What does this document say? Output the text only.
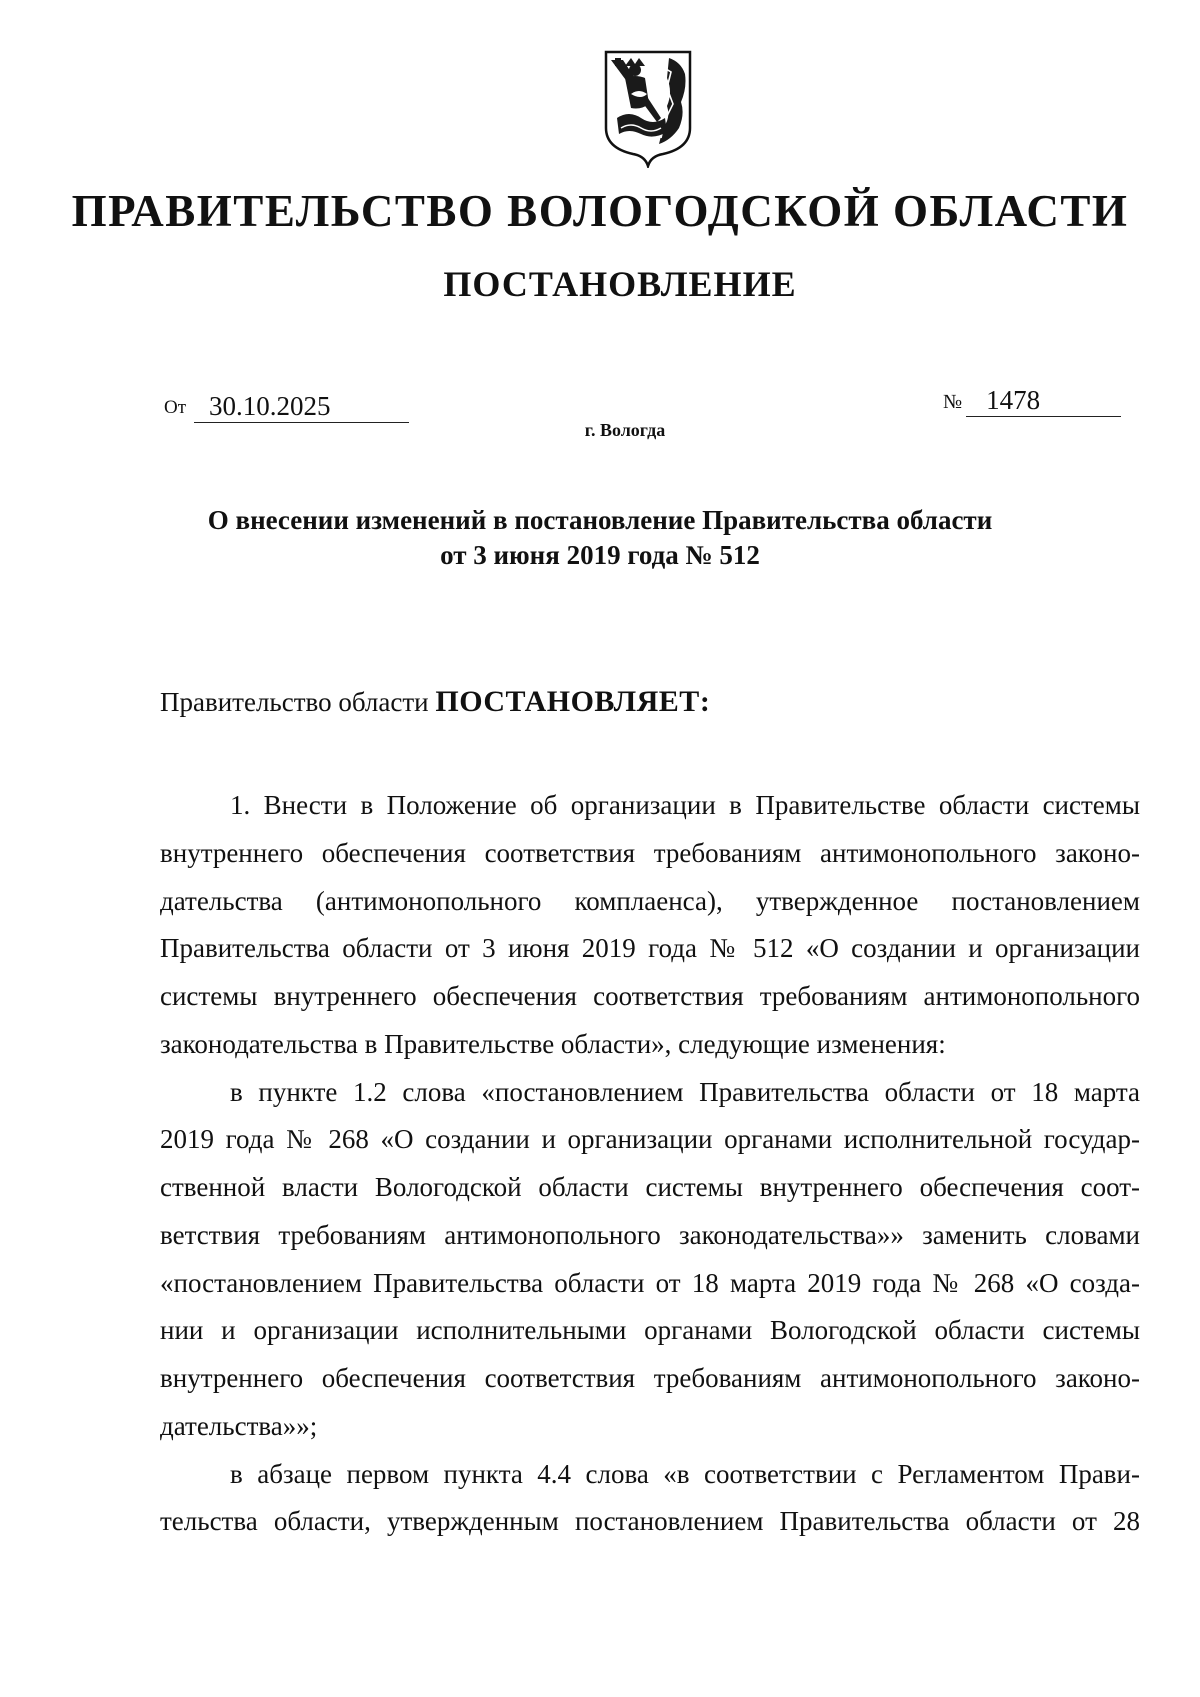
ПРАВИТЕЛЬСТВО ВОЛОГОДСКОЙ ОБЛАСТИ
ПОСТАНОВЛЕНИЕ
От 30.10.2025	№ 1478
г. Вологда
О внесении изменений в постановление Правительства области
от 3 июня 2019 года № 512
Правительство области ПОСТАНОВЛЯЕТ:
1. Внести в Положение об организации в Правительстве области системы
внутреннего обеспечения соответствия требованиям антимонопольного законо-
дательства (антимонопольного комплаенса), утвержденное постановлением
Правительства области от 3 июня 2019 года № 512 «О создании и организации
системы внутреннего обеспечения соответствия требованиям антимонопольного
законодательства в Правительстве области», следующие изменения:
в пункте 1.2 слова «постановлением Правительства области от 18 марта
2019 года № 268 «О создании и организации органами исполнительной государ-
ственной власти Вологодской области системы внутреннего обеспечения соот-
ветствия требованиям антимонопольного законодательства»» заменить словами
«постановлением Правительства области от 18 марта 2019 года № 268 «О созда-
нии и организации исполнительными органами Вологодской области системы
внутреннего обеспечения соответствия требованиям антимонопольного законо-
дательства»»;
в абзаце первом пункта 4.4 слова «в соответствии с Регламентом Прави-
тельства области, утвержденным постановлением Правительства области от 28
